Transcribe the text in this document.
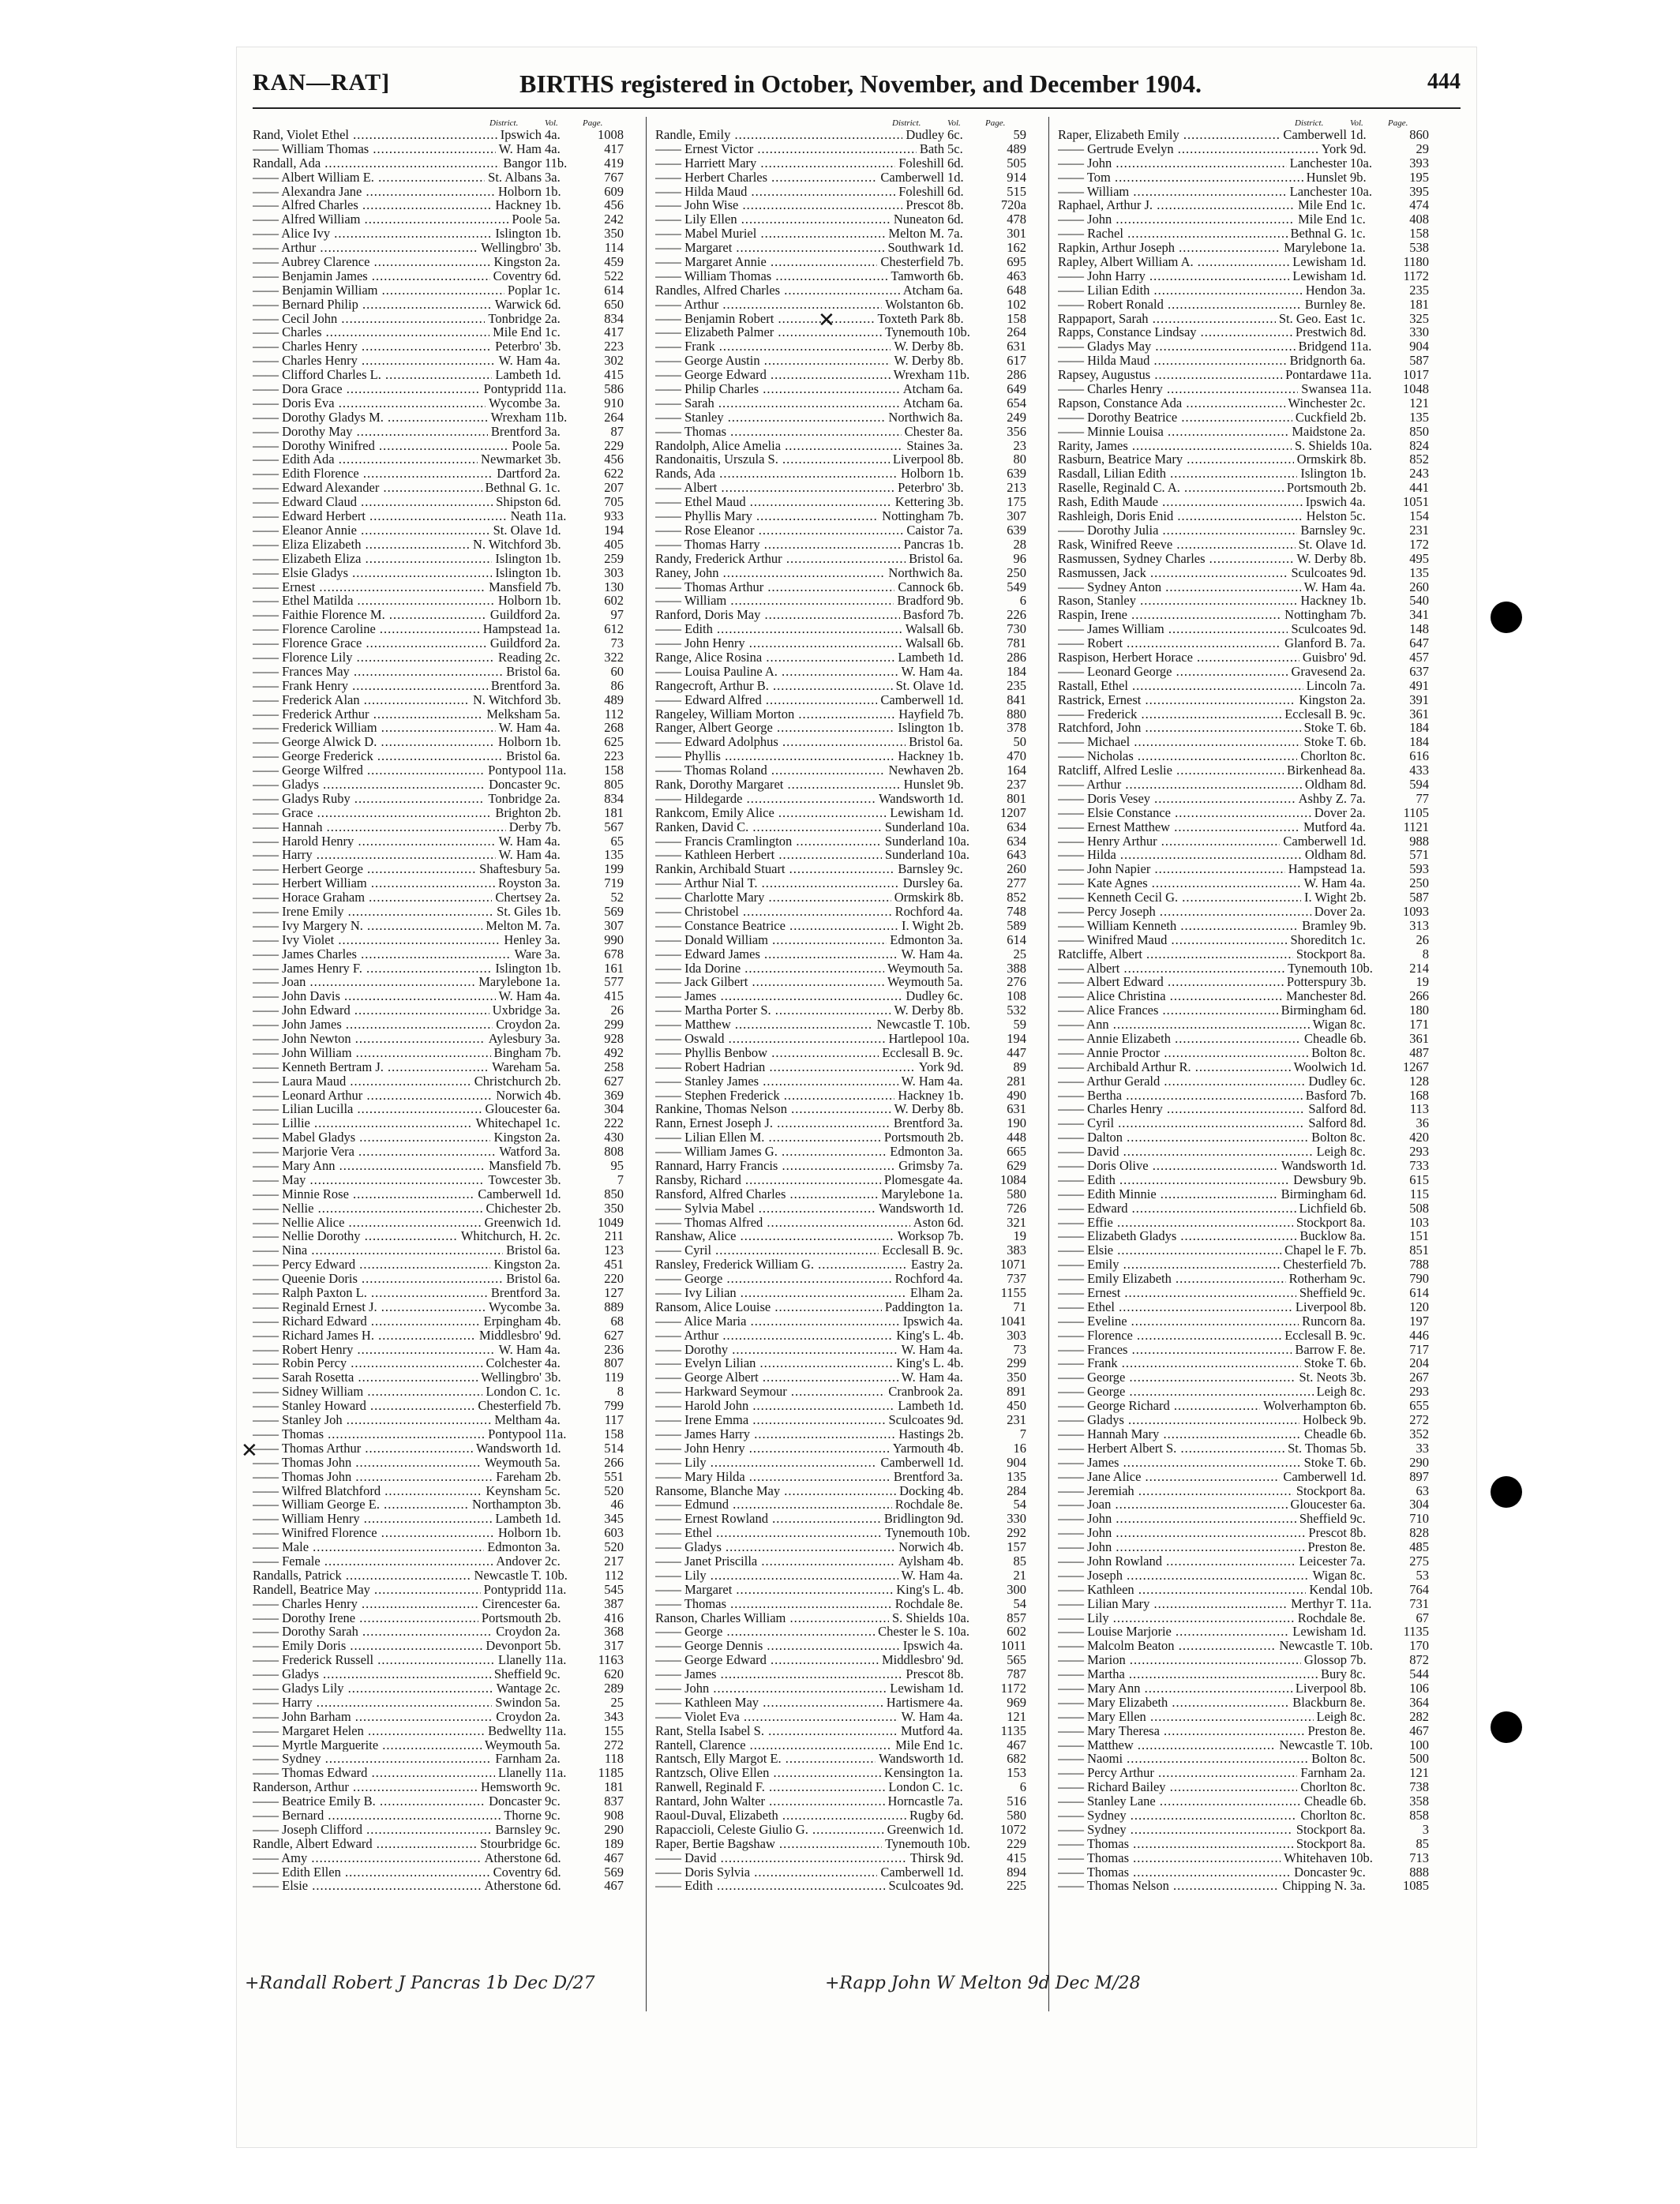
RAN—RAT]	BIRTHS registered in October, November, and December 1904.	444
District.	Vol.	Page.
Rand, Violet Ethel .....	Ipswich 4a.	1008
—— William Thomas .....	W. Ham 4a.	417
Randall, Ada .....	Bangor 11b.	419
—— Albert William E. .....	St. Albans 3a.	767
—— Alexandra Jane .....	Holborn 1b.	609
—— Alfred Charles .....	Hackney 1b.	456
—— Alfred William .....	Poole 5a.	242
—— Alice Ivy .....	Islington 1b.	350
—— Arthur .....	Wellingbro' 3b.	114
—— Aubrey Clarence .....	Kingston 2a.	459
—— Benjamin James .....	Coventry 6d.	522
—— Benjamin William .....	Poplar 1c.	614
—— Bernard Philip .....	Warwick 6d.	650
—— Cecil John .....	Tonbridge 2a.	834
—— Charles .....	Mile End 1c.	417
—— Charles Henry .....	Peterbro' 3b.	223
—— Charles Henry .....	W. Ham 4a.	302
—— Clifford Charles L. .....	Lambeth 1d.	415
—— Dora Grace .....	Pontypridd 11a.	586
—— Doris Eva .....	Wycombe 3a.	910
—— Dorothy Gladys M. .....	Wrexham 11b.	264
—— Dorothy May .....	Brentford 3a.	87
—— Dorothy Winifred .....	Poole 5a.	229
—— Edith Ada .....	Newmarket 3b.	456
—— Edith Florence .....	Dartford 2a.	622
—— Edward Alexander .....	Bethnal G. 1c.	207
—— Edward Claud .....	Shipston 6d.	705
—— Edward Herbert .....	Neath 11a.	933
—— Eleanor Annie .....	St. Olave 1d.	194
—— Eliza Elizabeth .....	N. Witchford 3b.	405
—— Elizabeth Eliza .....	Islington 1b.	259
—— Elsie Gladys .....	Islington 1b.	303
—— Ernest .....	Mansfield 7b.	130
—— Ethel Matilda .....	Holborn 1b.	602
—— Faithie Florence M. .....	Guildford 2a.	97
—— Florence Caroline .....	Hampstead 1a.	612
—— Florence Grace .....	Guildford 2a.	73
—— Florence Lily .....	Reading 2c.	322
—— Frances May .....	Bristol 6a.	60
—— Frank Henry .....	Brentford 3a.	86
—— Frederick Alan .....	N. Witchford 3b.	489
—— Frederick Arthur .....	Melksham 5a.	112
—— Frederick William .....	W. Ham 4a.	268
—— George Alwick D. .....	Holborn 1b.	625
—— George Frederick .....	Bristol 6a.	223
—— George Wilfred .....	Pontypool 11a.	158
—— Gladys .....	Doncaster 9c.	805
—— Gladys Ruby .....	Tonbridge 2a.	834
—— Grace .....	Brighton 2b.	181
—— Hannah .....	Derby 7b.	567
—— Harold Henry .....	W. Ham 4a.	65
—— Harry .....	W. Ham 4a.	135
—— Herbert George .....	Shaftesbury 5a.	199
—— Herbert William .....	Royston 3a.	719
—— Horace Graham .....	Chertsey 2a.	52
—— Irene Emily .....	St. Giles 1b.	569
—— Ivy Margery N. .....	Melton M. 7a.	307
—— Ivy Violet .....	Henley 3a.	990
—— James Charles .....	Ware 3a.	678
—— James Henry F. .....	Islington 1b.	161
—— Joan .....	Marylebone 1a.	577
—— John Davis .....	W. Ham 4a.	415
—— John Edward .....	Uxbridge 3a.	26
—— John James .....	Croydon 2a.	299
—— John Newton .....	Aylesbury 3a.	928
—— John William .....	Bingham 7b.	492
—— Kenneth Bertram J. .....	Wareham 5a.	258
—— Laura Maud .....	Christchurch 2b.	627
—— Leonard Arthur .....	Norwich 4b.	369
—— Lilian Lucilla .....	Gloucester 6a.	304
—— Lillie .....	Whitechapel 1c.	222
—— Mabel Gladys .....	Kingston 2a.	430
—— Marjorie Vera .....	Watford 3a.	808
—— Mary Ann .....	Mansfield 7b.	95
—— May .....	Towcester 3b.	7
—— Minnie Rose .....	Camberwell 1d.	850
—— Nellie .....	Chichester 2b.	350
—— Nellie Alice .....	Greenwich 1d.	1049
—— Nellie Dorothy .....	Whitchurch, H. 2c.	211
—— Nina .....	Bristol 6a.	123
—— Percy Edward .....	Kingston 2a.	451
—— Queenie Doris .....	Bristol 6a.	220
—— Ralph Paxton L. .....	Brentford 3a.	127
—— Reginald Ernest J. .....	Wycombe 3a.	889
—— Richard Edward .....	Erpingham 4b.	68
—— Richard James H. .....	Middlesbro' 9d.	627
—— Robert Henry .....	W. Ham 4a.	236
—— Robin Percy .....	Colchester 4a.	807
—— Sarah Rosetta .....	Wellingbro' 3b.	119
—— Sidney William .....	London C. 1c.	8
—— Stanley Howard .....	Chesterfield 7b.	799
—— Stanley Joh .....	Meltham 4a.	117
—— Thomas .....	Pontypool 11a.	158
—— Thomas Arthur .....	Wandsworth 1d.	514
—— Thomas John .....	Weymouth 5a.	266
—— Thomas John .....	Fareham 2b.	551
—— Wilfred Blatchford .....	Keynsham 5c.	520
—— William George E. .....	Northampton 3b.	46
—— William Henry .....	Lambeth 1d.	345
—— Winifred Florence .....	Holborn 1b.	603
—— Male .....	Edmonton 3a.	520
—— Female .....	Andover 2c.	217
Randalls, Patrick .....	Newcastle T. 10b.	112
Randell, Beatrice May .....	Pontypridd 11a.	545
—— Charles Henry .....	Cirencester 6a.	387
—— Dorothy Irene .....	Portsmouth 2b.	416
—— Dorothy Sarah .....	Croydon 2a.	368
—— Emily Doris .....	Devonport 5b.	317
—— Frederick Russell .....	Llanelly 11a.	1163
—— Gladys .....	Sheffield 9c.	620
—— Gladys Lily .....	Wantage 2c.	289
—— Harry .....	Swindon 5a.	25
—— John Barham .....	Croydon 2a.	343
—— Margaret Helen .....	Bedwellty 11a.	155
—— Myrtle Marguerite .....	Weymouth 5a.	272
—— Sydney .....	Farnham 2a.	118
—— Thomas Edward .....	Llanelly 11a.	1185
Randerson, Arthur .....	Hemsworth 9c.	181
—— Beatrice Emily B. .....	Doncaster 9c.	837
—— Bernard .....	Thorne 9c.	908
—— Joseph Clifford .....	Barnsley 9c.	290
Randle, Albert Edward .....	Stourbridge 6c.	189
—— Amy .....	Atherstone 6d.	467
—— Edith Ellen .....	Coventry 6d.	569
—— Elsie .....	Atherstone 6d.	467
District.	Vol.	Page.
Randle, Emily .....	Dudley 6c.	59
—— Ernest Victor .....	Bath 5c.	489
—— Harriett Mary .....	Foleshill 6d.	505
—— Herbert Charles .....	Camberwell 1d.	914
—— Hilda Maud .....	Foleshill 6d.	515
—— John Wise .....	Prescot 8b.	720a
—— Lily Ellen .....	Nuneaton 6d.	478
—— Mabel Muriel .....	Melton M. 7a.	301
—— Margaret .....	Southwark 1d.	162
—— Margaret Annie .....	Chesterfield 7b.	695
—— William Thomas .....	Tamworth 6b.	463
Randles, Alfred Charles .....	Atcham 6a.	648
—— Arthur .....	Wolstanton 6b.	102
—— Benjamin Robert .....	Toxteth Park 8b.	158
—— Elizabeth Palmer .....	Tynemouth 10b.	264
—— Frank .....	W. Derby 8b.	631
—— George Austin .....	W. Derby 8b.	617
—— George Edward .....	Wrexham 11b.	286
—— Philip Charles .....	Atcham 6a.	649
—— Sarah .....	Atcham 6a.	654
—— Stanley .....	Northwich 8a.	249
—— Thomas .....	Chester 8a.	356
Randolph, Alice Amelia .....	Staines 3a.	23
Randonaitis, Urszula S. .....	Liverpool 8b.	80
Rands, Ada .....	Holborn 1b.	639
—— Albert .....	Peterbro' 3b.	213
—— Ethel Maud .....	Kettering 3b.	175
—— Phyllis Mary .....	Nottingham 7b.	307
—— Rose Eleanor .....	Caistor 7a.	639
—— Thomas Harry .....	Pancras 1b.	28
Randy, Frederick Arthur .....	Bristol 6a.	96
Raney, John .....	Northwich 8a.	250
—— Thomas Arthur .....	Cannock 6b.	549
—— William .....	Bradford 9b.	6
Ranford, Doris May .....	Basford 7b.	226
—— Edith .....	Walsall 6b.	730
—— John Henry .....	Walsall 6b.	781
Range, Alice Rosina .....	Lambeth 1d.	286
—— Louisa Pauline A. .....	W. Ham 4a.	184
Rangecroft, Arthur B. .....	St. Olave 1d.	235
—— Edward Alfred .....	Camberwell 1d.	841
Rangeley, William Morton .....	Hayfield 7b.	880
Ranger, Albert George .....	Islington 1b.	378
—— Edward Adolphus .....	Bristol 6a.	50
—— Phyllis .....	Hackney 1b.	470
—— Thomas Roland .....	Newhaven 2b.	164
Rank, Dorothy Margaret .....	Hunslet 9b.	237
—— Hildegarde .....	Wandsworth 1d.	801
Rankcom, Emily Alice .....	Lewisham 1d.	1207
Ranken, David C. .....	Sunderland 10a.	634
—— Francis Cramlington .....	Sunderland 10a.	634
—— Kathleen Herbert .....	Sunderland 10a.	643
Rankin, Archibald Stuart .....	Barnsley 9c.	260
—— Arthur Nial T. .....	Dursley 6a.	277
—— Charlotte Mary .....	Ormskirk 8b.	852
—— Christobel .....	Rochford 4a.	748
—— Constance Beatrice .....	I. Wight 2b.	589
—— Donald William .....	Edmonton 3a.	614
—— Edward James .....	W. Ham 4a.	25
—— Ida Dorine .....	Weymouth 5a.	388
—— Jack Gilbert .....	Weymouth 5a.	276
—— James .....	Dudley 6c.	108
—— Martha Porter S. .....	W. Derby 8b.	532
—— Matthew .....	Newcastle T. 10b.	59
—— Oswald .....	Hartlepool 10a.	194
—— Phyllis Benbow .....	Ecclesall B. 9c.	447
—— Robert Hadrian .....	York 9d.	89
—— Stanley James .....	W. Ham 4a.	281
—— Stephen Frederick .....	Hackney 1b.	490
Rankine, Thomas Nelson .....	W. Derby 8b.	631
Rann, Ernest Joseph J. .....	Brentford 3a.	190
—— Lilian Ellen M. .....	Portsmouth 2b.	448
—— William James G. .....	Edmonton 3a.	665
Rannard, Harry Francis .....	Grimsby 7a.	629
Ransby, Richard .....	Plomesgate 4a.	1084
Ransford, Alfred Charles .....	Marylebone 1a.	580
—— Sylvia Mabel .....	Wandsworth 1d.	726
—— Thomas Alfred .....	Aston 6d.	321
Ranshaw, Alice .....	Worksop 7b.	19
—— Cyril .....	Ecclesall B. 9c.	383
Ransley, Frederick William G. .....	Eastry 2a.	1071
—— George .....	Rochford 4a.	737
—— Ivy Lilian .....	Elham 2a.	1155
Ransom, Alice Louise .....	Paddington 1a.	71
—— Alice Maria .....	Ipswich 4a.	1041
—— Arthur .....	King's L. 4b.	303
—— Dorothy .....	W. Ham 4a.	73
—— Evelyn Lilian .....	King's L. 4b.	299
—— George Albert .....	W. Ham 4a.	350
—— Harkward Seymour .....	Cranbrook 2a.	891
—— Harold John .....	Lambeth 1d.	450
—— Irene Emma .....	Sculcoates 9d.	231
—— James Harry .....	Hastings 2b.	7
—— John Henry .....	Yarmouth 4b.	16
—— Lily .....	Camberwell 1d.	904
—— Mary Hilda .....	Brentford 3a.	135
Ransome, Blanche May .....	Docking 4b.	284
—— Edmund .....	Rochdale 8e.	54
—— Ernest Rowland .....	Bridlington 9d.	330
—— Ethel .....	Tynemouth 10b.	292
—— Gladys .....	Norwich 4b.	157
—— Janet Priscilla .....	Aylsham 4b.	85
—— Lily .....	W. Ham 4a.	21
—— Margaret .....	King's L. 4b.	300
—— Thomas .....	Rochdale 8e.	54
Ranson, Charles William .....	S. Shields 10a.	857
—— George .....	Chester le S. 10a.	602
—— George Dennis .....	Ipswich 4a.	1011
—— George Edward .....	Middlesbro' 9d.	565
—— James .....	Prescot 8b.	787
—— John .....	Lewisham 1d.	1172
—— Kathleen May .....	Hartismere 4a.	969
—— Violet Eva .....	W. Ham 4a.	121
Rant, Stella Isabel S. .....	Mutford 4a.	1135
Rantell, Clarence .....	Mile End 1c.	467
Rantsch, Elly Margot E. .....	Wandsworth 1d.	682
Rantzsch, Olive Ellen .....	Kensington 1a.	153
Ranwell, Reginald F. .....	London C. 1c.	6
Rantard, John Walter .....	Horncastle 7a.	516
Raoul-Duval, Elizabeth .....	Rugby 6d.	580
Rapaccioli, Celeste Giulio G. .....	Greenwich 1d.	1072
Raper, Bertie Bagshaw .....	Tynemouth 10b.	229
—— David .....	Thirsk 9d.	415
—— Doris Sylvia .....	Camberwell 1d.	894
—— Edith .....	Sculcoates 9d.	225
District.	Vol.	Page.
Raper, Elizabeth Emily .....	Camberwell 1d.	860
—— Gertrude Evelyn .....	York 9d.	29
—— John .....	Lanchester 10a.	393
—— Tom .....	Hunslet 9b.	195
—— William .....	Lanchester 10a.	395
Raphael, Arthur J. .....	Mile End 1c.	474
—— John .....	Mile End 1c.	408
—— Rachel .....	Bethnal G. 1c.	158
Rapkin, Arthur Joseph .....	Marylebone 1a.	538
Rapley, Albert William A. .....	Lewisham 1d.	1180
—— John Harry .....	Lewisham 1d.	1172
—— Lilian Edith .....	Hendon 3a.	235
—— Robert Ronald .....	Burnley 8e.	181
Rappaport, Sarah .....	St. Geo. East 1c.	325
Rapps, Constance Lindsay .....	Prestwich 8d.	330
—— Gladys May .....	Bridgend 11a.	904
—— Hilda Maud .....	Bridgnorth 6a.	587
Rapsey, Augustus .....	Pontardawe 11a.	1017
—— Charles Henry .....	Swansea 11a.	1048
Rapson, Constance Ada .....	Winchester 2c.	121
—— Dorothy Beatrice .....	Cuckfield 2b.	135
—— Minnie Louisa .....	Maidstone 2a.	850
Rarity, James .....	S. Shields 10a.	824
Rasburn, Beatrice Mary .....	Ormskirk 8b.	852
Rasdall, Lilian Edith .....	Islington 1b.	243
Raselle, Reginald C. A. .....	Portsmouth 2b.	441
Rash, Edith Maude .....	Ipswich 4a.	1051
Rashleigh, Doris Enid .....	Helston 5c.	154
—— Dorothy Julia .....	Barnsley 9c.	231
Rask, Winifred Reeve .....	St. Olave 1d.	172
Rasmussen, Sydney Charles .....	W. Derby 8b.	495
Rasmussen, Jack .....	Sculcoates 9d.	135
—— Sydney Anton .....	W. Ham 4a.	260
Rason, Stanley .....	Hackney 1b.	540
Raspin, Irene .....	Nottingham 7b.	341
—— James William .....	Sculcoates 9d.	148
—— Robert .....	Glanford B. 7a.	647
Raspison, Herbert Horace .....	Guisbro' 9d.	457
—— Leonard George .....	Gravesend 2a.	637
Rastall, Ethel .....	Lincoln 7a.	491
Rastrick, Ernest .....	Kingston 2a.	391
—— Frederick .....	Ecclesall B. 9c.	361
Ratchford, John .....	Stoke T. 6b.	184
—— Michael .....	Stoke T. 6b.	184
—— Nicholas .....	Chorlton 8c.	616
Ratcliff, Alfred Leslie .....	Birkenhead 8a.	433
—— Arthur .....	Oldham 8d.	594
—— Doris Vesey .....	Ashby Z. 7a.	77
—— Elsie Constance .....	Dover 2a.	1105
—— Ernest Matthew .....	Mutford 4a.	1121
—— Henry Arthur .....	Camberwell 1d.	988
—— Hilda .....	Oldham 8d.	571
—— John Napier .....	Hampstead 1a.	593
—— Kate Agnes .....	W. Ham 4a.	250
—— Kenneth Cecil G. .....	I. Wight 2b.	587
—— Percy Joseph .....	Dover 2a.	1093
—— William Kenneth .....	Bramley 9b.	313
—— Winifred Maud .....	Shoreditch 1c.	26
Ratcliffe, Albert .....	Stockport 8a.	8
—— Albert .....	Tynemouth 10b.	214
—— Albert Edward .....	Potterspury 3b.	19
—— Alice Christina .....	Manchester 8d.	266
—— Alice Frances .....	Birmingham 6d.	180
—— Ann .....	Wigan 8c.	171
—— Annie Elizabeth .....	Cheadle 6b.	361
—— Annie Proctor .....	Bolton 8c.	487
—— Archibald Arthur R. .....	Woolwich 1d.	1267
—— Arthur Gerald .....	Dudley 6c.	128
—— Bertha .....	Basford 7b.	168
—— Charles Henry .....	Salford 8d.	113
—— Cyril .....	Salford 8d.	36
—— Dalton .....	Bolton 8c.	420
—— David .....	Leigh 8c.	293
—— Doris Olive .....	Wandsworth 1d.	733
—— Edith .....	Dewsbury 9b.	615
—— Edith Minnie .....	Birmingham 6d.	115
—— Edward .....	Lichfield 6b.	508
—— Effie .....	Stockport 8a.	103
—— Elizabeth Gladys .....	Bucklow 8a.	151
—— Elsie .....	Chapel le F. 7b.	851
—— Emily .....	Chesterfield 7b.	788
—— Emily Elizabeth .....	Rotherham 9c.	790
—— Ernest .....	Sheffield 9c.	614
—— Ethel .....	Liverpool 8b.	120
—— Eveline .....	Runcorn 8a.	197
—— Florence .....	Ecclesall B. 9c.	446
—— Frances .....	Barrow F. 8e.	717
—— Frank .....	Stoke T. 6b.	204
—— George .....	St. Neots 3b.	267
—— George .....	Leigh 8c.	293
—— George Richard .....	Wolverhampton 6b.	655
—— Gladys .....	Holbeck 9b.	272
—— Hannah Mary .....	Cheadle 6b.	352
—— Herbert Albert S. .....	St. Thomas 5b.	33
—— James .....	Stoke T. 6b.	290
—— Jane Alice .....	Camberwell 1d.	897
—— Jeremiah .....	Stockport 8a.	63
—— Joan .....	Gloucester 6a.	304
—— John .....	Sheffield 9c.	710
—— John .....	Prescot 8b.	828
—— John .....	Preston 8e.	485
—— John Rowland .....	Leicester 7a.	275
—— Joseph .....	Wigan 8c.	53
—— Kathleen .....	Kendal 10b.	764
—— Lilian Mary .....	Merthyr T. 11a.	731
—— Lily .....	Rochdale 8e.	67
—— Louise Marjorie .....	Lewisham 1d.	1135
—— Malcolm Beaton .....	Newcastle T. 10b.	170
—— Marion .....	Glossop 7b.	872
—— Martha .....	Bury 8c.	544
—— Mary Ann .....	Liverpool 8b.	106
—— Mary Elizabeth .....	Blackburn 8e.	364
—— Mary Ellen .....	Leigh 8c.	282
—— Mary Theresa .....	Preston 8e.	467
—— Matthew .....	Newcastle T. 10b.	100
—— Naomi .....	Bolton 8c.	500
—— Percy Arthur .....	Farnham 2a.	121
—— Richard Bailey .....	Chorlton 8c.	738
—— Stanley Lane .....	Cheadle 6b.	358
—— Sydney .....	Chorlton 8c.	858
—— Sydney .....	Stockport 8a.	3
—— Thomas .....	Stockport 8a.	85
—— Thomas .....	Whitehaven 10b.	713
—— Thomas .....	Doncaster 9c.	888
—— Thomas Nelson .....	Chipping N. 3a.	1085
✕
✕
+Randall Robert J Pancras 1b Dec D/27	+Rapp John W Melton 9d Dec M/28
